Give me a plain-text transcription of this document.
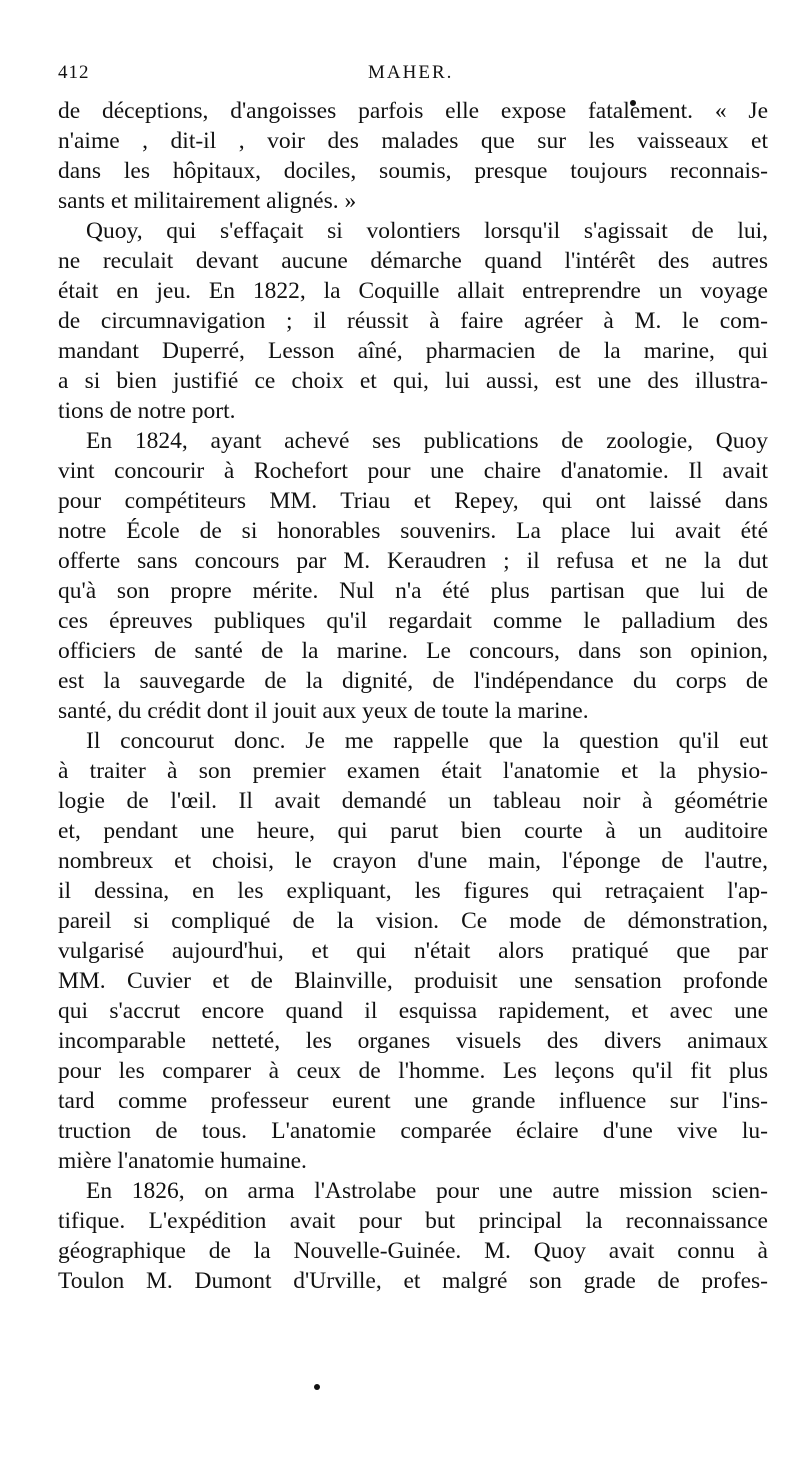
412	MAHER.
de déceptions, d'angoisses parfois elle expose fatalement. « Je
n'aime , dit-il , voir des malades que sur les vaisseaux et
dans les hôpitaux, dociles, soumis, presque toujours reconnais-
sants et militairement alignés. »
Quoy, qui s'effaçait si volontiers lorsqu'il s'agissait de lui,
ne reculait devant aucune démarche quand l'intérêt des autres
était en jeu. En 1822, la Coquille allait entreprendre un voyage
de circumnavigation ; il réussit à faire agréer à M. le com-
mandant Duperré, Lesson aîné, pharmacien de la marine, qui
a si bien justifié ce choix et qui, lui aussi, est une des illustra-
tions de notre port.
En 1824, ayant achevé ses publications de zoologie, Quoy
vint concourir à Rochefort pour une chaire d'anatomie. Il avait
pour compétiteurs MM. Triau et Repey, qui ont laissé dans
notre École de si honorables souvenirs. La place lui avait été
offerte sans concours par M. Keraudren ; il refusa et ne la dut
qu'à son propre mérite. Nul n'a été plus partisan que lui de
ces épreuves publiques qu'il regardait comme le palladium des
officiers de santé de la marine. Le concours, dans son opinion,
est la sauvegarde de la dignité, de l'indépendance du corps de
santé, du crédit dont il jouit aux yeux de toute la marine.
Il concourut donc. Je me rappelle que la question qu'il eut
à traiter à son premier examen était l'anatomie et la physio-
logie de l'œil. Il avait demandé un tableau noir à géométrie
et, pendant une heure, qui parut bien courte à un auditoire
nombreux et choisi, le crayon d'une main, l'éponge de l'autre,
il dessina, en les expliquant, les figures qui retraçaient l'ap-
pareil si compliqué de la vision. Ce mode de démonstration,
vulgarisé aujourd'hui, et qui n'était alors pratiqué que par
MM. Cuvier et de Blainville, produisit une sensation profonde
qui s'accrut encore quand il esquissa rapidement, et avec une
incomparable netteté, les organes visuels des divers animaux
pour les comparer à ceux de l'homme. Les leçons qu'il fit plus
tard comme professeur eurent une grande influence sur l'ins-
truction de tous. L'anatomie comparée éclaire d'une vive lu-
mière l'anatomie humaine.
En 1826, on arma l'Astrolabe pour une autre mission scien-
tifique. L'expédition avait pour but principal la reconnaissance
géographique de la Nouvelle-Guinée. M. Quoy avait connu à
Toulon M. Dumont d'Urville, et malgré son grade de profes-
